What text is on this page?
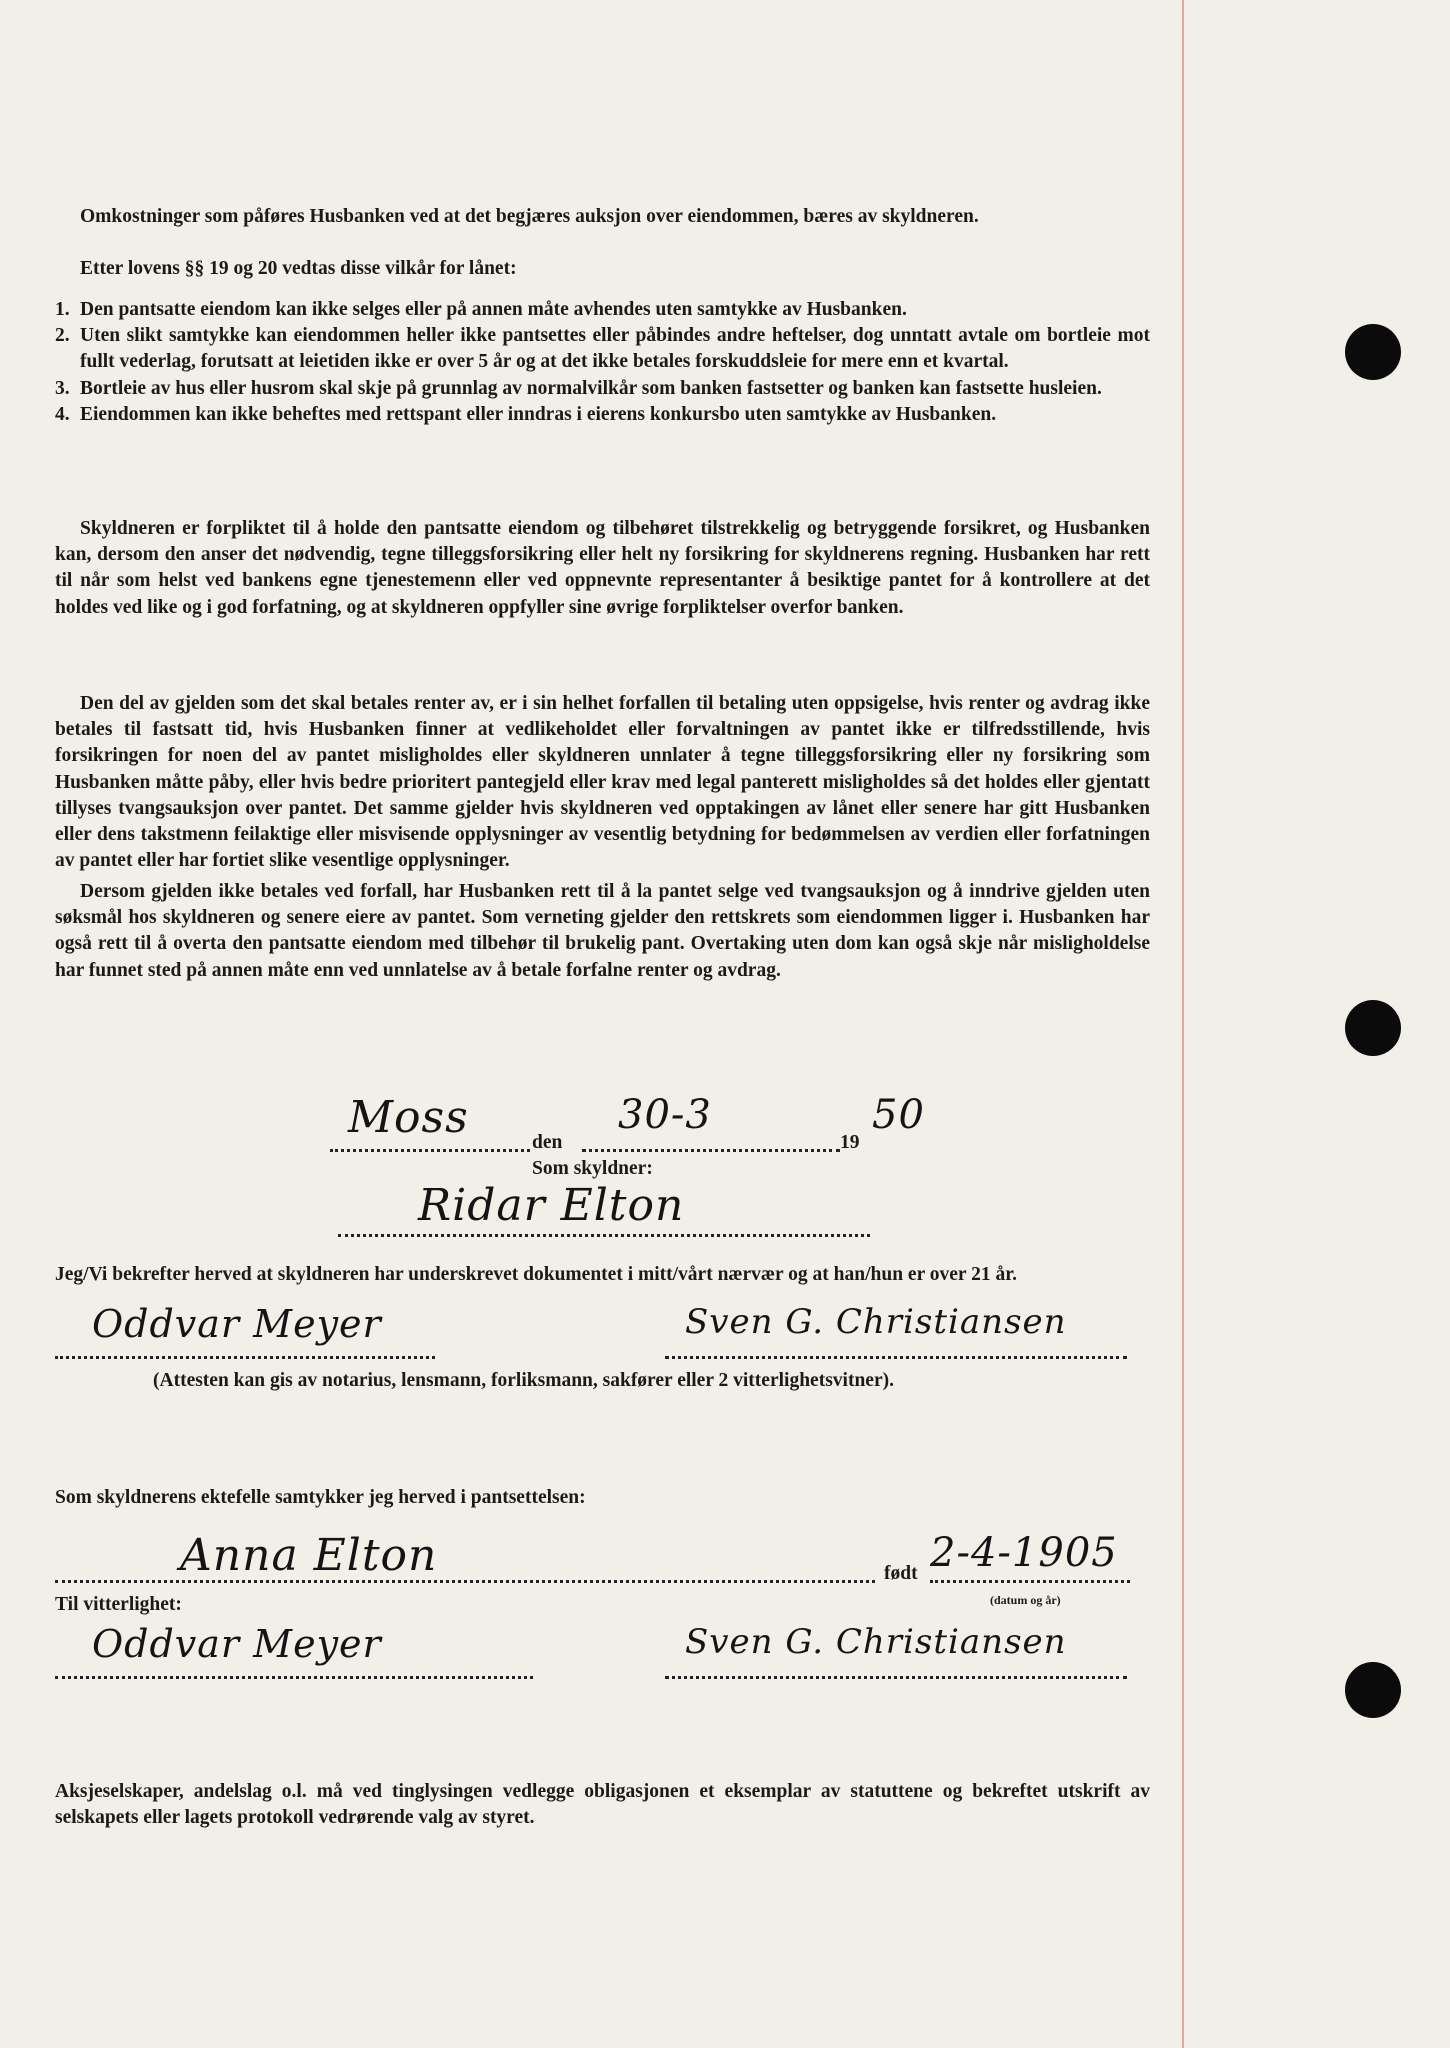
Omkostninger som påføres Husbanken ved at det begjæres auksjon over eiendommen, bæres av skyldneren.
Etter lovens §§ 19 og 20 vedtas disse vilkår for lånet:
1. Den pantsatte eiendom kan ikke selges eller på annen måte avhendes uten samtykke av Husbanken.
2. Uten slikt samtykke kan eiendommen heller ikke pantsettes eller påbindes andre heftelser, dog unntatt avtale om bortleie mot fullt vederlag, forutsatt at leietiden ikke er over 5 år og at det ikke betales forskuddsleie for mere enn et kvartal.
3. Bortleie av hus eller husrom skal skje på grunnlag av normalvilkår som banken fastsetter og banken kan fastsette husleien.
4. Eiendommen kan ikke beheftes med rettspant eller inndras i eierens konkursbo uten samtykke av Husbanken.
Skyldneren er forpliktet til å holde den pantsatte eiendom og tilbehøret tilstrekkelig og betryggende forsikret, og Husbanken kan, dersom den anser det nødvendig, tegne tilleggsforsikring eller helt ny forsikring for skyldnerens regning. Husbanken har rett til når som helst ved bankens egne tjenestemenn eller ved oppnevnte representanter å besiktige pantet for å kontrollere at det holdes ved like og i god forfatning, og at skyldneren oppfyller sine øvrige forpliktelser overfor banken.
Den del av gjelden som det skal betales renter av, er i sin helhet forfallen til betaling uten oppsigelse, hvis renter og avdrag ikke betales til fastsatt tid, hvis Husbanken finner at vedlikeholdet eller forvaltningen av pantet ikke er tilfredsstillende, hvis forsikringen for noen del av pantet misligholdes eller skyldneren unnlater å tegne tilleggsforsikring eller ny forsikring som Husbanken måtte påby, eller hvis bedre prioritert pantegjeld eller krav med legal panterett misligholdes så det holdes eller gjentatt tillyses tvangsauksjon over pantet. Det samme gjelder hvis skyldneren ved opptakingen av lånet eller senere har gitt Husbanken eller dens takstmenn feilaktige eller misvisende opplysninger av vesentlig betydning for bedømmelsen av verdien eller forfatningen av pantet eller har fortiet slike vesentlige opplysninger.
Dersom gjelden ikke betales ved forfall, har Husbanken rett til å la pantet selge ved tvangsauksjon og å inndrive gjelden uten søksmål hos skyldneren og senere eiere av pantet. Som verneting gjelder den rettskrets som eiendommen ligger i. Husbanken har også rett til å overta den pantsatte eiendom med tilbehør til brukelig pant. Overtaking uten dom kan også skje når misligholdelse har funnet sted på annen måte enn ved unnlatelse av å betale forfalne renter og avdrag.
Moss	den
30-3
19
50
Som skyldner:
Ridar Elton
Jeg/Vi bekrefter herved at skyldneren har underskrevet dokumentet i mitt/vårt nærvær og at han/hun er over 21 år.
Oddvar Meyer	Sven G. Christiansen
(Attesten kan gis av notarius, lensmann, forliksmann, sakfører eller 2 vitterlighetsvitner).
Som skyldnerens ektefelle samtykker jeg herved i pantsettelsen:
Anna Elton	født 2-4-1905
(datum og år)
Til vitterlighet:
Oddvar Meyer	Sven G. Christiansen
Aksjeselskaper, andelslag o.l. må ved tinglysingen vedlegge obligasjonen et eksemplar av statuttene og bekreftet utskrift av selskapets eller lagets protokoll vedrørende valg av styret.
